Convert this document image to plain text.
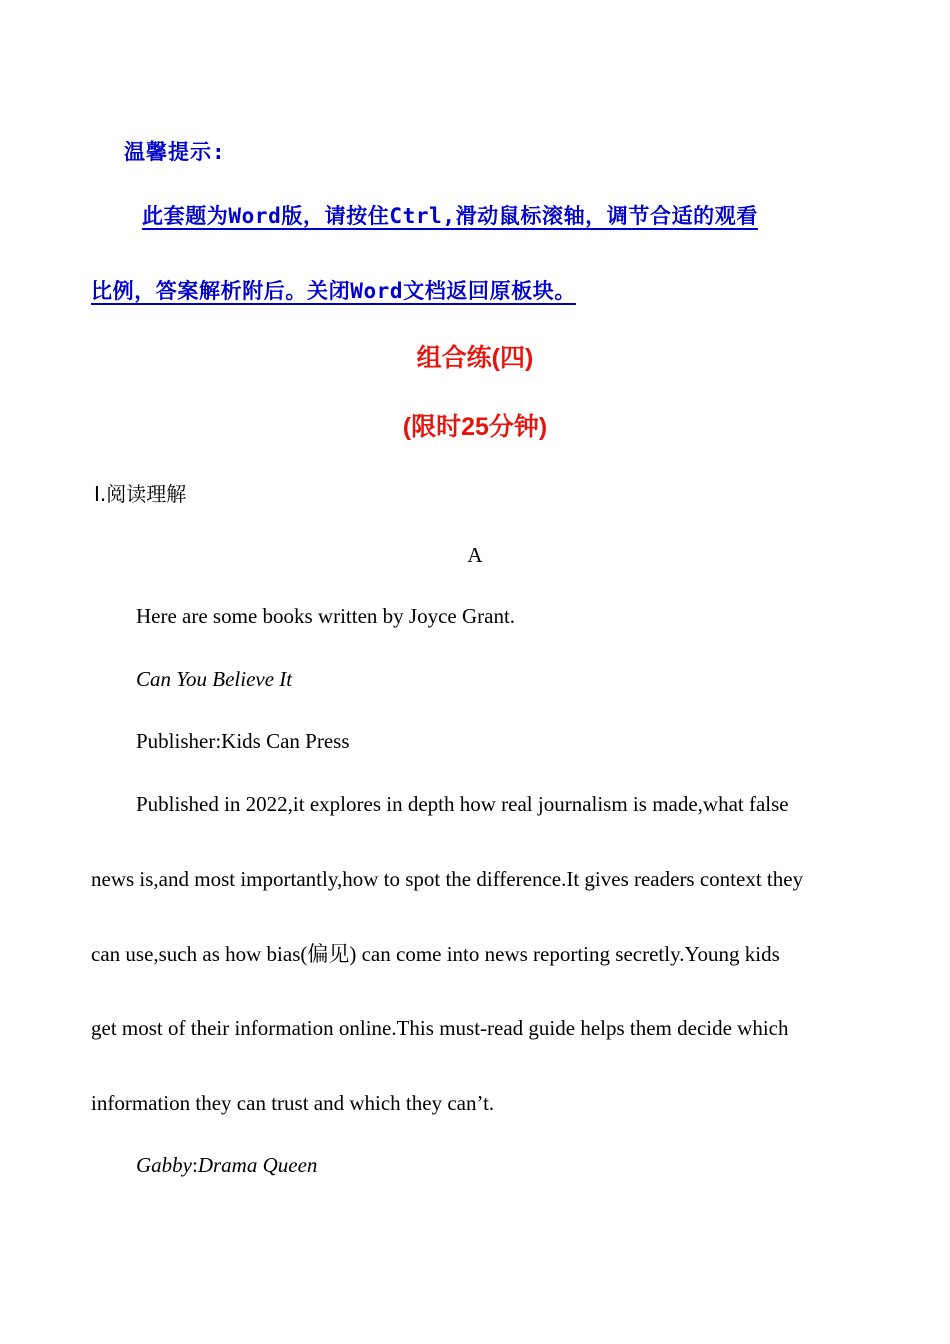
温馨提示:
此套题为Word版，请按住Ctrl,滑动鼠标滚轴，调节合适的观看
比例，答案解析附后。关闭Word文档返回原板块。
组合练(四)
(限时25分钟)
Ⅰ.阅读理解
A
Here are some books written by Joyce Grant.
Can You Believe It
Publisher:Kids Can Press
Published in 2022,it explores in depth how real journalism is made,what false
news is,and most importantly,how to spot the difference.It gives readers context they
can use,such as how bias(偏见) can come into news reporting secretly.Young kids
get most of their information online.This must-read guide helps them decide which
information they can trust and which they can’t.
Gabby:Drama Queen
